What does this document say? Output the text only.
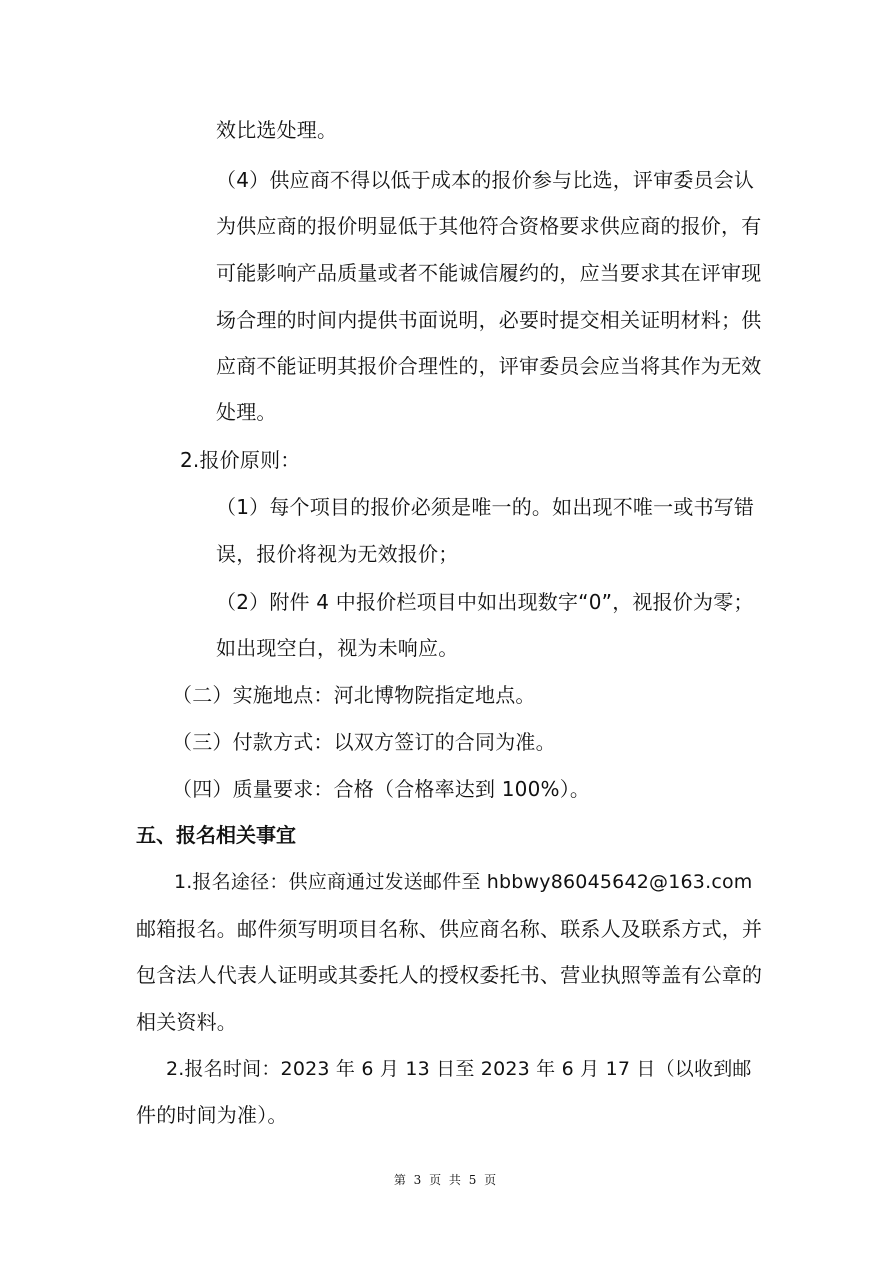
效比选处理。
（4）供应商不得以低于成本的报价参与比选，评审委员会认
为供应商的报价明显低于其他符合资格要求供应商的报价，有
可能影响产品质量或者不能诚信履约的，应当要求其在评审现
场合理的时间内提供书面说明，必要时提交相关证明材料；供
应商不能证明其报价合理性的，评审委员会应当将其作为无效
处理。
2.报价原则：
（1）每个项目的报价必须是唯一的。如出现不唯一或书写错
误，报价将视为无效报价；
（2）附件 4 中报价栏项目中如出现数字“0”，视报价为零；
如出现空白，视为未响应。
（二）实施地点：河北博物院指定地点。
（三）付款方式：以双方签订的合同为准。
（四）质量要求：合格（合格率达到 100%）。
五、报名相关事宜
1.报名途径：供应商通过发送邮件至 hbbwy86045642@163.com
邮箱报名。邮件须写明项目名称、供应商名称、联系人及联系方式，并
包含法人代表人证明或其委托人的授权委托书、营业执照等盖有公章的
相关资料。
2.报名时间：2023 年 6 月 13 日至 2023 年 6 月 17 日（以收到邮
件的时间为准）。
第 3 页 共 5 页
